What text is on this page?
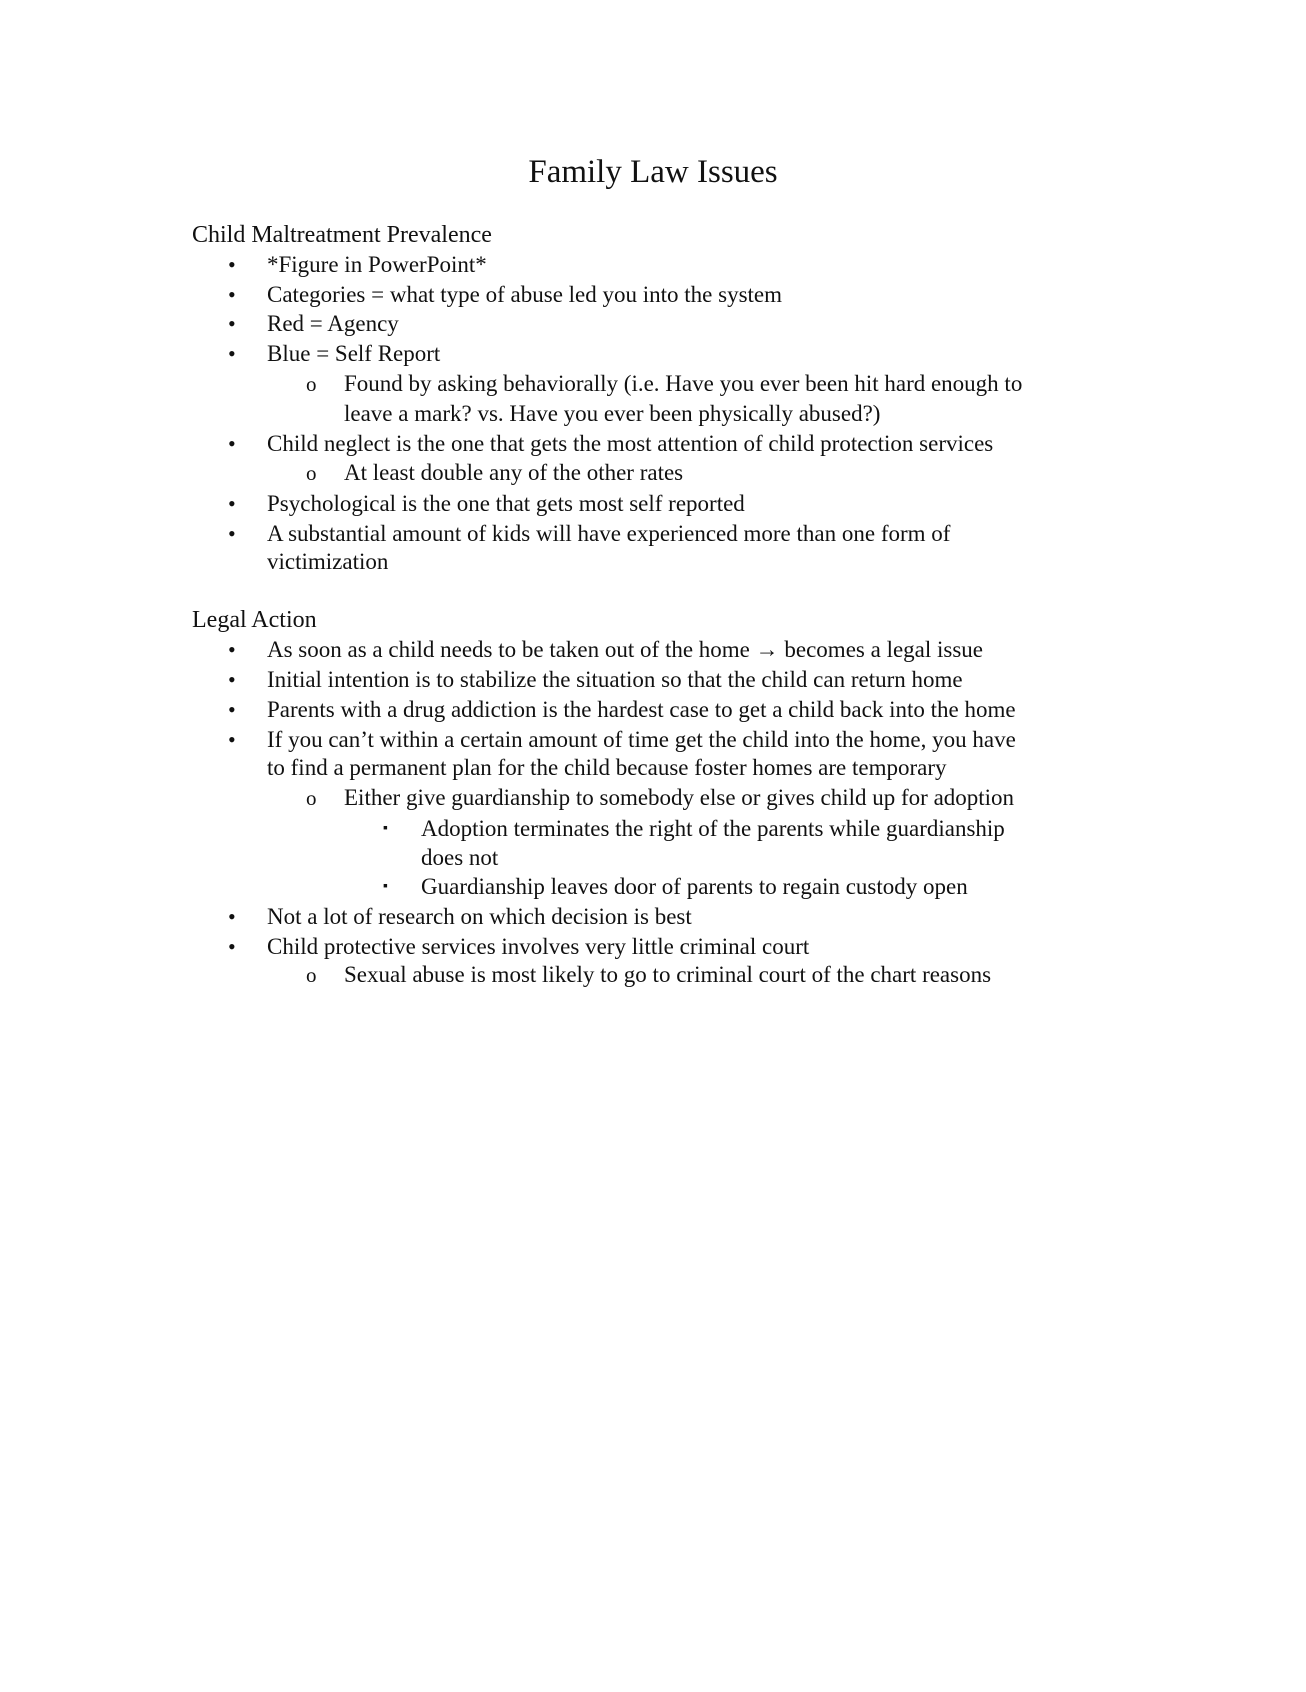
Family Law Issues
Child Maltreatment Prevalence
• *Figure in PowerPoint*

• Categories = what type of abuse led you into the system

• Red = Agency

• Blue = Self Report

o Found by asking behaviorally (i.e. Have you ever been hit hard enough to

leave a mark? vs. Have you ever been physically abused?)

• Child neglect is the one that gets the most attention of child protection services

o At least double any of the other rates

• Psychological is the one that gets most self reported

• A substantial amount of kids will have experienced more than one form of

victimization

Legal Action
• As soon as a child needs to be taken out of the home → becomes a legal issue

• Initial intention is to stabilize the situation so that the child can return home

• Parents with a drug addiction is the hardest case to get a child back into the home

• If you can’t within a certain amount of time get the child into the home, you have

to find a permanent plan for the child because foster homes are temporary

o Either give guardianship to somebody else or gives child up for adoption

▪ Adoption terminates the right of the parents while guardianship

does not

▪ Guardianship leaves door of parents to regain custody open

• Not a lot of research on which decision is best

• Child protective services involves very little criminal court

o Sexual abuse is most likely to go to criminal court of the chart reasons
